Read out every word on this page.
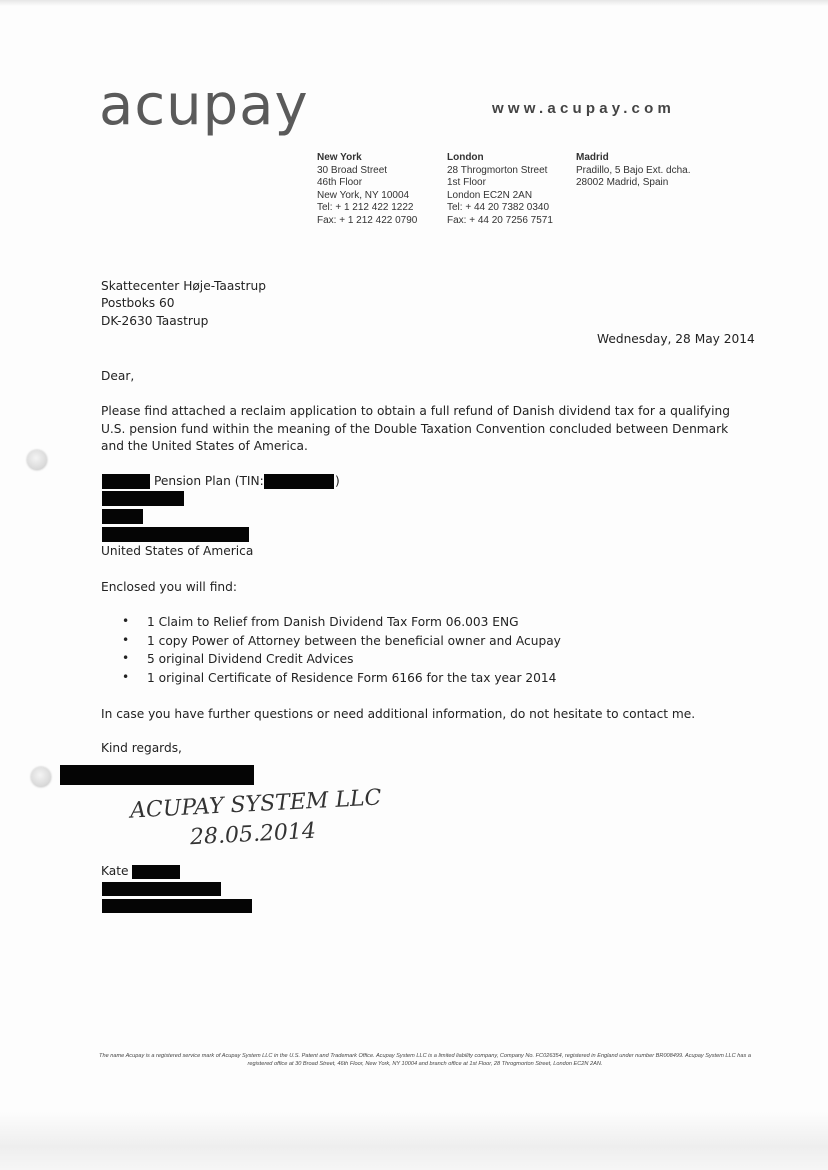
acupay	www.acupay.com
New York
30 Broad Street
46th Floor
New York, NY 10004
Tel: + 1 212 422 1222
Fax: + 1 212 422 0790
London
28 Throgmorton Street
1st Floor
London EC2N 2AN
Tel: + 44 20 7382 0340
Fax: + 44 20 7256 7571
Madrid
Pradillo, 5 Bajo Ext. dcha.
28002 Madrid, Spain
Skattecenter Høje-Taastrup
Postboks 60
DK-2630 Taastrup
Wednesday, 28 May 2014
Dear,
Please find attached a reclaim application to obtain a full refund of Danish dividend tax for a qualifying U.S. pension fund within the meaning of the Double Taxation Convention concluded between Denmark and the United States of America.
Pension Plan (TIN:	)
United States of America
Enclosed you will find:
• 1 Claim to Relief from Danish Dividend Tax Form 06.003 ENG
• 1 copy Power of Attorney between the beneficial owner and Acupay
• 5 original Dividend Credit Advices
• 1 original Certificate of Residence Form 6166 for the tax year 2014
In case you have further questions or need additional information, do not hesitate to contact me.
Kind regards,
Kate
ACUPAY SYSTEM LLC
28.05.2014
The name Acupay is a registered service mark of Acupay System LLC in the U.S. Patent and Trademark Office. Acupay System LLC is a limited liability company, Company No. FC026354, registered in England under number BR008499. Acupay System LLC has a registered office at 30 Broad Street, 46th Floor, New York, NY 10004 and branch office at 1st Floor, 28 Throgmorton Street, London EC2N 2AN.
